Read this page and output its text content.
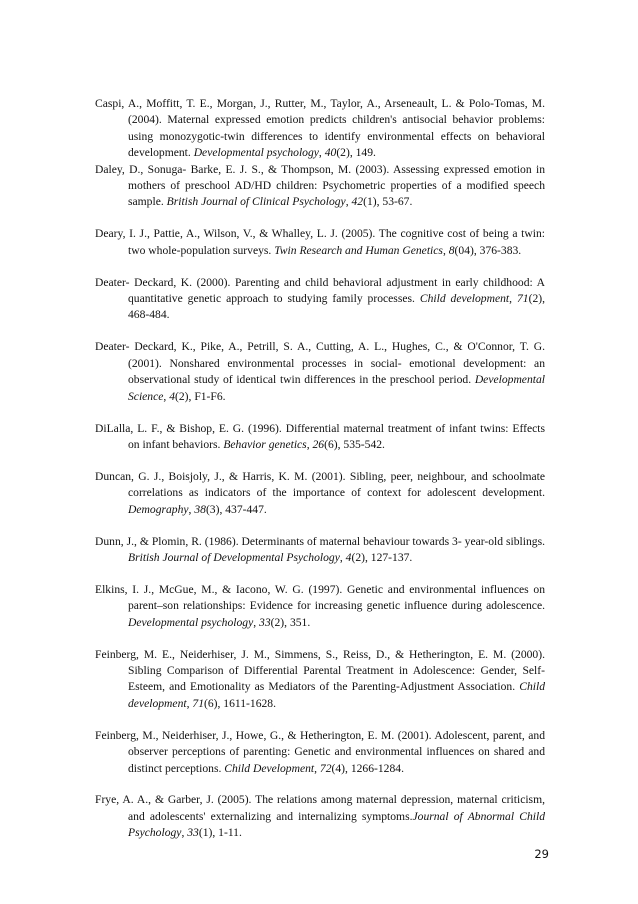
Caspi, A., Moffitt, T. E., Morgan, J., Rutter, M., Taylor, A., Arseneault, L. & Polo-Tomas, M. (2004). Maternal expressed emotion predicts children's antisocial behavior problems: using monozygotic-twin differences to identify environmental effects on behavioral development. Developmental psychology, 40(2), 149.

Daley, D., Sonuga- Barke, E. J. S., & Thompson, M. (2003). Assessing expressed emotion in mothers of preschool AD/HD children: Psychometric properties of a modified speech sample. British Journal of Clinical Psychology, 42(1), 53-67.

Deary, I. J., Pattie, A., Wilson, V., & Whalley, L. J. (2005). The cognitive cost of being a twin: two whole-population surveys. Twin Research and Human Genetics, 8(04), 376-383.

Deater- Deckard, K. (2000). Parenting and child behavioral adjustment in early childhood: A quantitative genetic approach to studying family processes. Child development, 71(2), 468-484.

Deater- Deckard, K., Pike, A., Petrill, S. A., Cutting, A. L., Hughes, C., & O'Connor, T. G. (2001). Nonshared environmental processes in social- emotional development: an observational study of identical twin differences in the preschool period. Developmental Science, 4(2), F1-F6.

DiLalla, L. F., & Bishop, E. G. (1996). Differential maternal treatment of infant twins: Effects on infant behaviors. Behavior genetics, 26(6), 535-542.

Duncan, G. J., Boisjoly, J., & Harris, K. M. (2001). Sibling, peer, neighbour, and schoolmate correlations as indicators of the importance of context for adolescent development. Demography, 38(3), 437-447.

Dunn, J., & Plomin, R. (1986). Determinants of maternal behaviour towards 3- year-old siblings. British Journal of Developmental Psychology, 4(2), 127-137.

Elkins, I. J., McGue, M., & Iacono, W. G. (1997). Genetic and environmental influences on parent–son relationships: Evidence for increasing genetic influence during adolescence. Developmental psychology, 33(2), 351.

Feinberg, M. E., Neiderhiser, J. M., Simmens, S., Reiss, D., & Hetherington, E. M. (2000). Sibling Comparison of Differential Parental Treatment in Adolescence: Gender, Self- Esteem, and Emotionality as Mediators of the Parenting-Adjustment Association. Child development, 71(6), 1611-1628.

Feinberg, M., Neiderhiser, J., Howe, G., & Hetherington, E. M. (2001). Adolescent, parent, and observer perceptions of parenting: Genetic and environmental influences on shared and distinct perceptions. Child Development, 72(4), 1266-1284.

Frye, A. A., & Garber, J. (2005). The relations among maternal depression, maternal criticism, and adolescents' externalizing and internalizing symptoms.Journal of Abnormal Child Psychology, 33(1), 1-11.

29
